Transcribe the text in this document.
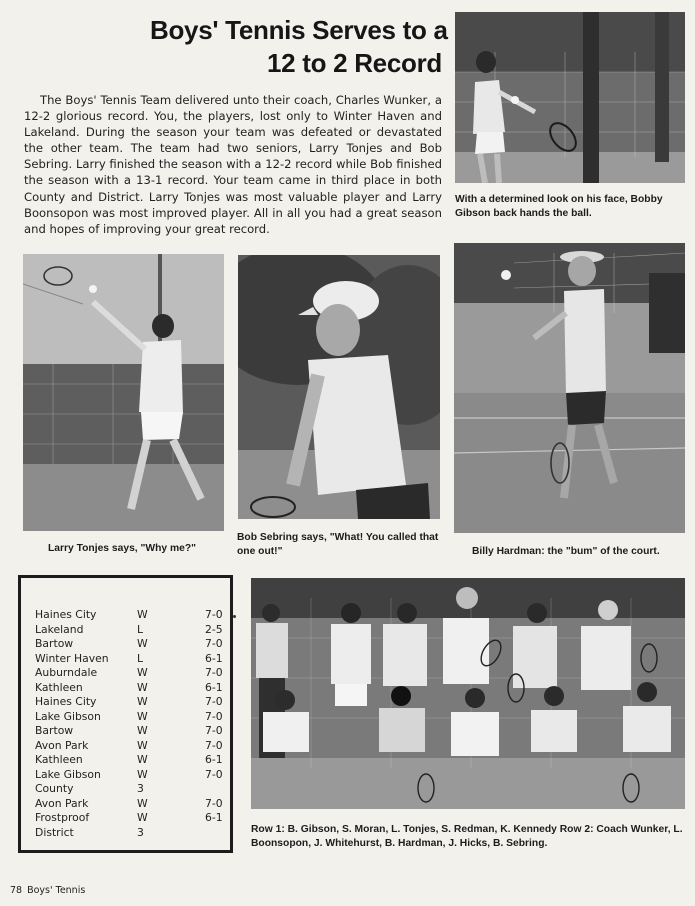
Boys' Tennis Serves to a
12 to 2 Record
The Boys' Tennis Team delivered unto their coach, Charles Wunker, a 12-2 glorious record. You, the players, lost only to Winter Haven and Lakeland. During the season your team was defeated or devastated the other team. The team had two seniors, Larry Tonjes and Bob Sebring. Larry finished the season with a 12-2 record while Bob finished the season with a 13-1 record. Your team came in third place in both County and District. Larry Tonjes was most valuable player and Larry Boonsopon was most improved player. All in all you had a great season and hopes of improving your great record.
With a determined look on his face, Bobby Gibson back hands the ball.
Larry Tonjes says, "Why me?"
Bob Sebring says, "What! You called that one out!"	Billy Hardman: the "bum" of the court.
Haines City	W	7-0
Lakeland	L	2-5
Bartow	W	7-0
Winter Haven	L	6-1
Auburndale	W	7-0
Kathleen	W	6-1
Haines City	W	7-0
Lake Gibson	W	7-0
Bartow	W	7-0
Avon Park	W	7-0
Kathleen	W	6-1
Lake Gibson	W	7-0
County	3
Avon Park	W	7-0
Frostproof	W	6-1
District	3	Row 1: B. Gibson, S. Moran, L. Tonjes, S. Redman, K. Kennedy Row 2: Coach Wunker, L. Boonsopon, J. Whitehurst, B. Hardman, J. Hicks, B. Sebring.
78 Boys' Tennis
